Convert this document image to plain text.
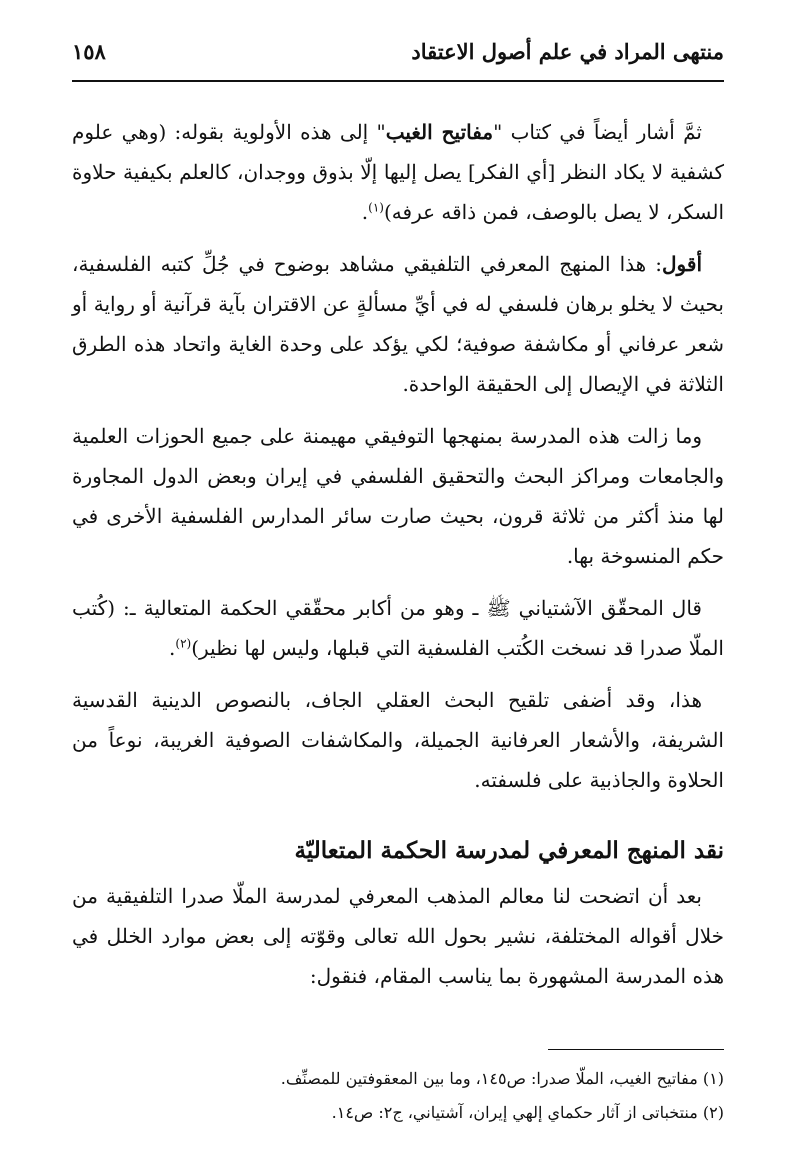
منتهى المراد في علم أصول الاعتقاد
١٥٨

ثمَّ أشار أيضاً في كتاب "مفاتيح الغيب" إلى هذه الأولوية بقوله: (وهي علوم كشفية لا يكاد النظر [أي الفكر] يصل إليها إلّا بذوق ووجدان، كالعلم بكيفية حلاوة السكر، لا يصل بالوصف، فمن ذاقه عرفه)$^{(١)}$.

أقول: هذا المنهج المعرفي التلفيقي مشاهد بوضوح في جُلِّ كتبه الفلسفية، بحيث لا يخلو برهان فلسفي له في أيِّ مسألةٍ عن الاقتران بآية قرآنية أو رواية أو شعر عرفاني أو مكاشفة صوفية؛ لكي يؤكد على وحدة الغاية واتحاد هذه الطرق الثلاثة في الإيصال إلى الحقيقة الواحدة.

وما زالت هذه المدرسة بمنهجها التوفيقي مهيمنة على جميع الحوزات العلمية والجامعات ومراكز البحث والتحقيق الفلسفي في إيران وبعض الدول المجاورة لها منذ أكثر من ثلاثة قرون، بحيث صارت سائر المدارس الفلسفية الأخرى في حكم المنسوخة بها.

قال المحقّق الآشتياني ﷺ ـ وهو من أكابر محقّقي الحكمة المتعالية ـ: (كُتب الملّا صدرا قد نسخت الكُتب الفلسفية التي قبلها، وليس لها نظير)$^{(٢)}$.

هذا، وقد أضفى تلقيح البحث العقلي الجاف، بالنصوص الدينية القدسية الشريفة، والأشعار العرفانية الجميلة، والمكاشفات الصوفية الغريبة، نوعاً من الحلاوة والجاذبية على فلسفته.

نقد المنهج المعرفي لمدرسة الحكمة المتعاليّة

بعد أن اتضحت لنا معالم المذهب المعرفي لمدرسة الملّا صدرا التلفيقية من خلال أقواله المختلفة، نشير بحول الله تعالى وقوّته إلى بعض موارد الخلل في هذه المدرسة المشهورة بما يناسب المقام، فنقول:

(١) مفاتيح الغيب، الملّا صدرا: ص١٤٥، وما بين المعقوفتين للمصنِّف.

(٢) منتخباتى از آثار حكماي إلهي إيران، آشتياني، ج٢: ص١٤.
